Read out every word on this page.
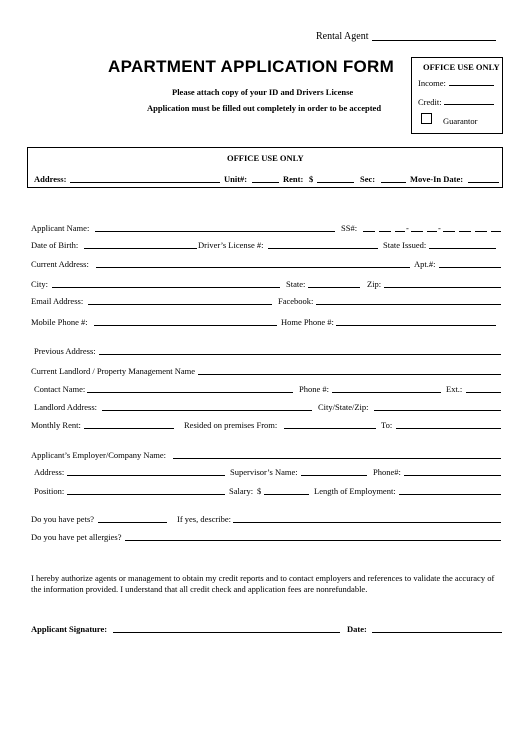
Rental Agent
APARTMENT APPLICATION FORM
Please attach copy of your ID and Drivers License
Application must be filled out completely in order to be accepted
OFFICE USE ONLY
Income:
Credit:
Guarantor
OFFICE USE ONLY
Address:	Unit#:	Rent: $	Sec:	Move-In Date:
Applicant Name:	SS#:	-	-
Date of Birth:	Driver’s License #:	State Issued:
Current Address:	Apt.#:
City:	State:	Zip:
Email Address:	Facebook:
Mobile Phone #:	Home Phone #:
Previous Address:
Current Landlord / Property Management Name
Contact Name:	Phone #:	Ext.:
Landlord Address:	City/State/Zip:
Monthly Rent:	Resided on premises From:	To:
Applicant’s Employer/Company Name:
Address:	Supervisor’s Name:	Phone#:
Position:	Salary: $	Length of Employment:
Do you have pets?	If yes, describe:
Do you have pet allergies?
I hereby authorize agents or management to obtain my credit reports and to contact employers and references to validate the accuracy of the information provided. I understand that all credit check and application fees are nonrefundable.
Applicant Signature:	Date:
